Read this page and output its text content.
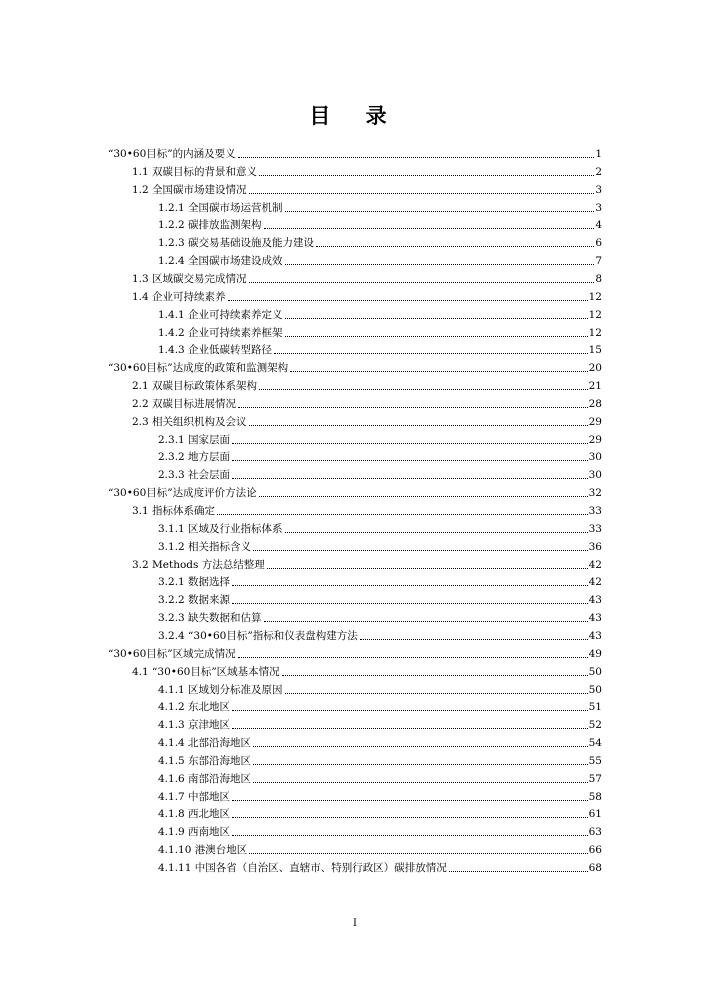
目 录
“30•60目标”的内涵及要义	1
1.1 双碳目标的背景和意义	2
1.2 全国碳市场建设情况	3
1.2.1 全国碳市场运营机制	3
1.2.2 碳排放监测架构	4
1.2.3 碳交易基础设施及能力建设	6
1.2.4 全国碳市场建设成效	7
1.3 区域碳交易完成情况	8
1.4 企业可持续素养	12
1.4.1 企业可持续素养定义	12
1.4.2 企业可持续素养框架	12
1.4.3 企业低碳转型路径	15
“30•60目标”达成度的政策和监测架构	20
2.1 双碳目标政策体系架构	21
2.2 双碳目标进展情况	28
2.3 相关组织机构及会议	29
2.3.1 国家层面	29
2.3.2 地方层面	30
2.3.3 社会层面	30
“30•60目标”达成度评价方法论	32
3.1 指标体系确定	33
3.1.1 区域及行业指标体系	33
3.1.2 相关指标含义	36
3.2 Methods 方法总结整理	42
3.2.1 数据选择	42
3.2.2 数据来源	43
3.2.3 缺失数据和估算	43
3.2.4 “30•60目标”指标和仪表盘构建方法	43
“30•60目标”区域完成情况	49
4.1 “30•60目标”区域基本情况	50
4.1.1 区域划分标准及原因	50
4.1.2 东北地区	51
4.1.3 京津地区	52
4.1.4 北部沿海地区	54
4.1.5 东部沿海地区	55
4.1.6 南部沿海地区	57
4.1.7 中部地区	58
4.1.8 西北地区	61
4.1.9 西南地区	63
4.1.10 港澳台地区	66
4.1.11 中国各省（自治区、直辖市、特别行政区）碳排放情况	68
I
